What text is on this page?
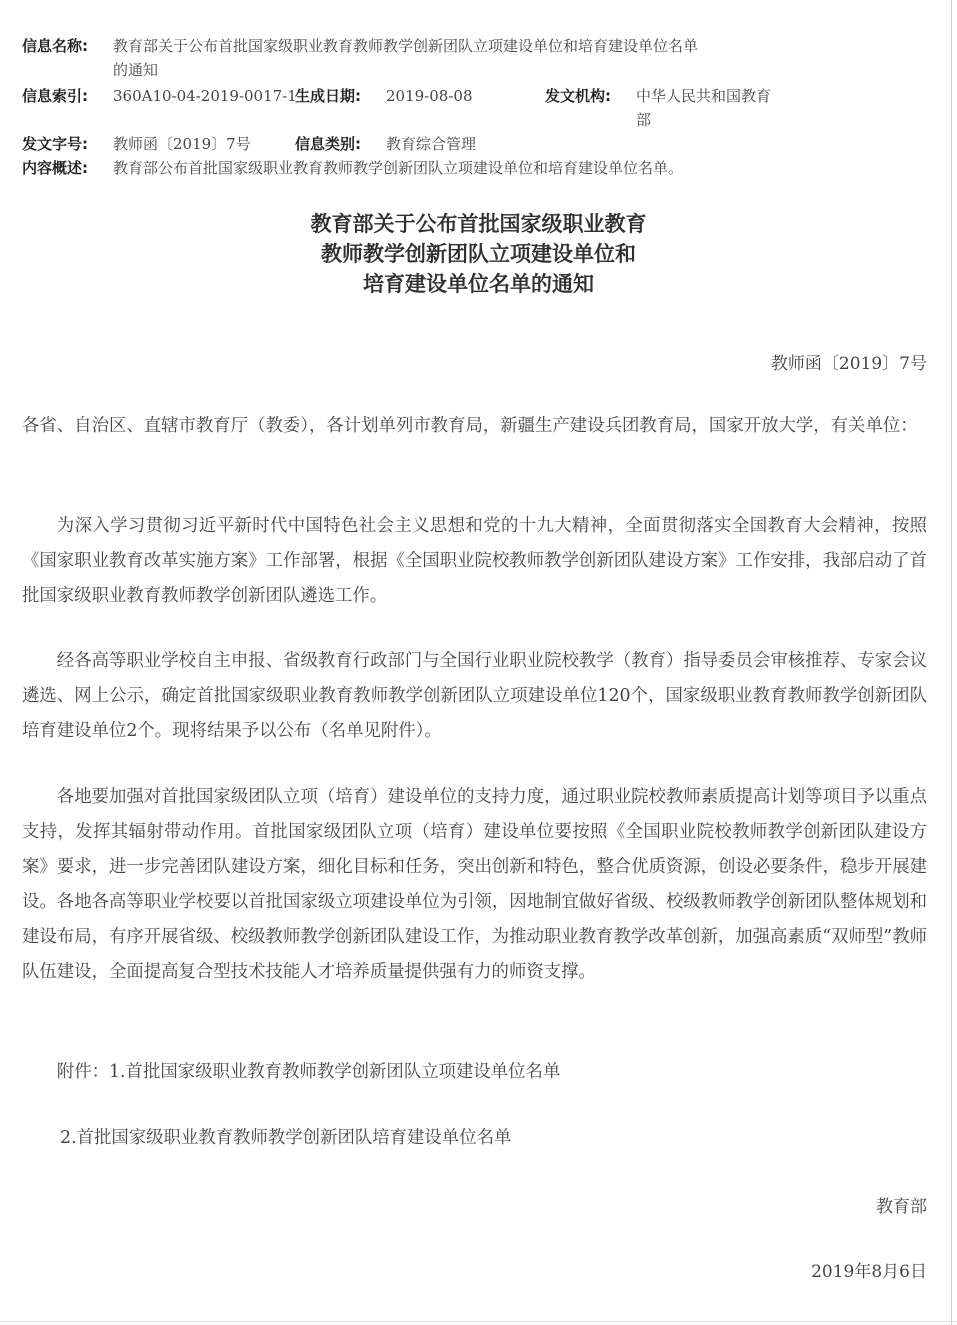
信息名称: 教育部关于公布首批国家级职业教育教师教学创新团队立项建设单位和培育建设单位名单
的通知
信息索引: 360A10-04-2019-0017-1
生成日期: 2019-08-08	发文机构: 中华人民共和国教育
部
发文字号: 教师函〔2019〕7号	信息类别: 教育综合管理
内容概述: 教育部公布首批国家级职业教育教师教学创新团队立项建设单位和培育建设单位名单。
教育部关于公布首批国家级职业教育
教师教学创新团队立项建设单位和
培育建设单位名单的通知
教师函〔2019〕7号
各省、自治区、直辖市教育厅（教委），各计划单列市教育局，新疆生产建设兵团教育局，国家开放大学，有关单位：
为深入学习贯彻习近平新时代中国特色社会主义思想和党的十九大精神，全面贯彻落实全国教育大会精神，按照《国家职业教育改革实施方案》工作部署，根据《全国职业院校教师教学创新团队建设方案》工作安排，我部启动了首批国家级职业教育教师教学创新团队遴选工作。
经各高等职业学校自主申报、省级教育行政部门与全国行业职业院校教学（教育）指导委员会审核推荐、专家会议遴选、网上公示，确定首批国家级职业教育教师教学创新团队立项建设单位120个，国家级职业教育教师教学创新团队培育建设单位2个。现将结果予以公布（名单见附件）。
各地要加强对首批国家级团队立项（培育）建设单位的支持力度，通过职业院校教师素质提高计划等项目予以重点支持，发挥其辐射带动作用。首批国家级团队立项（培育）建设单位要按照《全国职业院校教师教学创新团队建设方案》要求，进一步完善团队建设方案，细化目标和任务，突出创新和特色，整合优质资源，创设必要条件，稳步开展建设。各地各高等职业学校要以首批国家级立项建设单位为引领，因地制宜做好省级、校级教师教学创新团队整体规划和建设布局，有序开展省级、校级教师教学创新团队建设工作，为推动职业教育教学改革创新，加强高素质“双师型”教师队伍建设，全面提高复合型技术技能人才培养质量提供强有力的师资支撑。
附件：1.首批国家级职业教育教师教学创新团队立项建设单位名单
2.首批国家级职业教育教师教学创新团队培育建设单位名单
教育部
2019年8月6日
